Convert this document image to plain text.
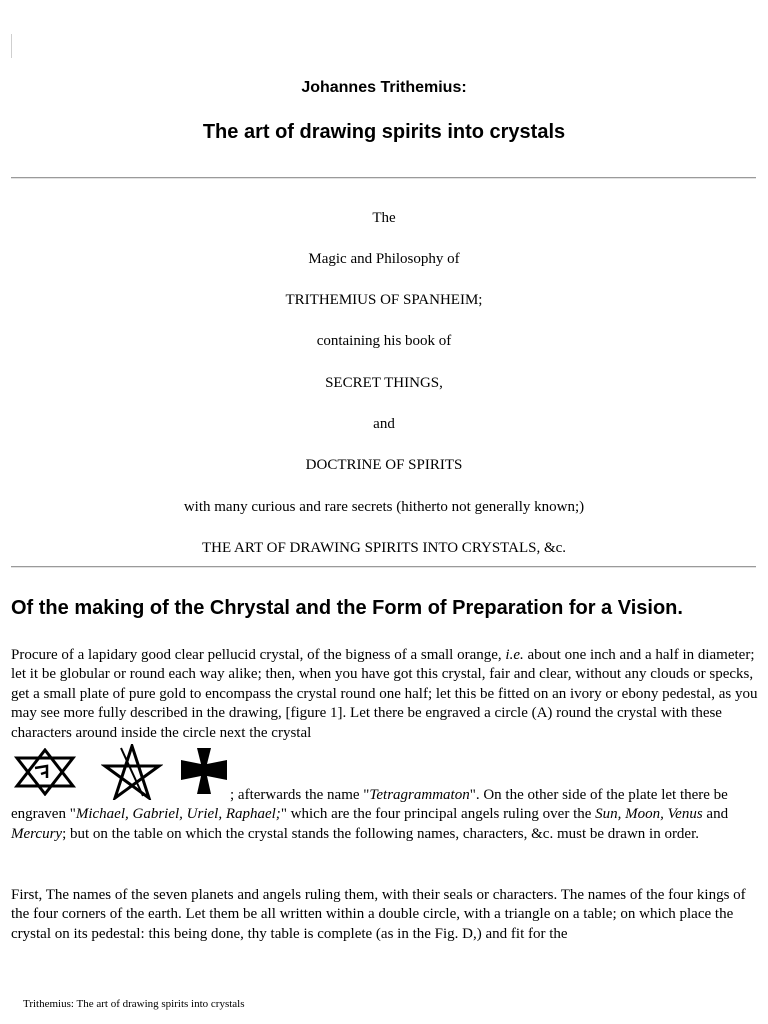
Johannes Trithemius:
The art of drawing spirits into crystals
The
Magic and Philosophy of
TRITHEMIUS OF SPANHEIM;
containing his book of
SECRET THINGS,
and
DOCTRINE OF SPIRITS
with many curious and rare secrets (hitherto not generally known;)
THE ART OF DRAWING SPIRITS INTO CRYSTALS, &c.
Of the making of the Chrystal and the Form of Preparation for a Vision.
Procure of a lapidary good clear pellucid crystal, of the bigness of a small orange, i.e. about one inch and a half in diameter; let it be globular or round each way alike; then, when you have got this crystal, fair and clear, without any clouds or specks, get a small plate of pure gold to encompass the crystal round one half; let this be fitted on an ivory or ebony pedestal, as you may see more fully described in the drawing, [figure 1]. Let there be engraved a circle (A) round the crystal with these characters around inside the circle next the crystal
; afterwards the name "Tetragrammaton". On the other side of the plate let there be engraven "Michael, Gabriel, Uriel, Raphael;" which are the four principal angels ruling over the Sun, Moon, Venus and Mercury; but on the table on which the crystal stands the following names, characters, &c. must be drawn in order.
First, The names of the seven planets and angels ruling them, with their seals or characters. The names of the four kings of the four corners of the earth. Let them be all written within a double circle, with a triangle on a table; on which place the crystal on its pedestal: this being done, thy table is complete (as in the Fig. D,) and fit for the
Trithemius: The art of drawing spirits into crystals
